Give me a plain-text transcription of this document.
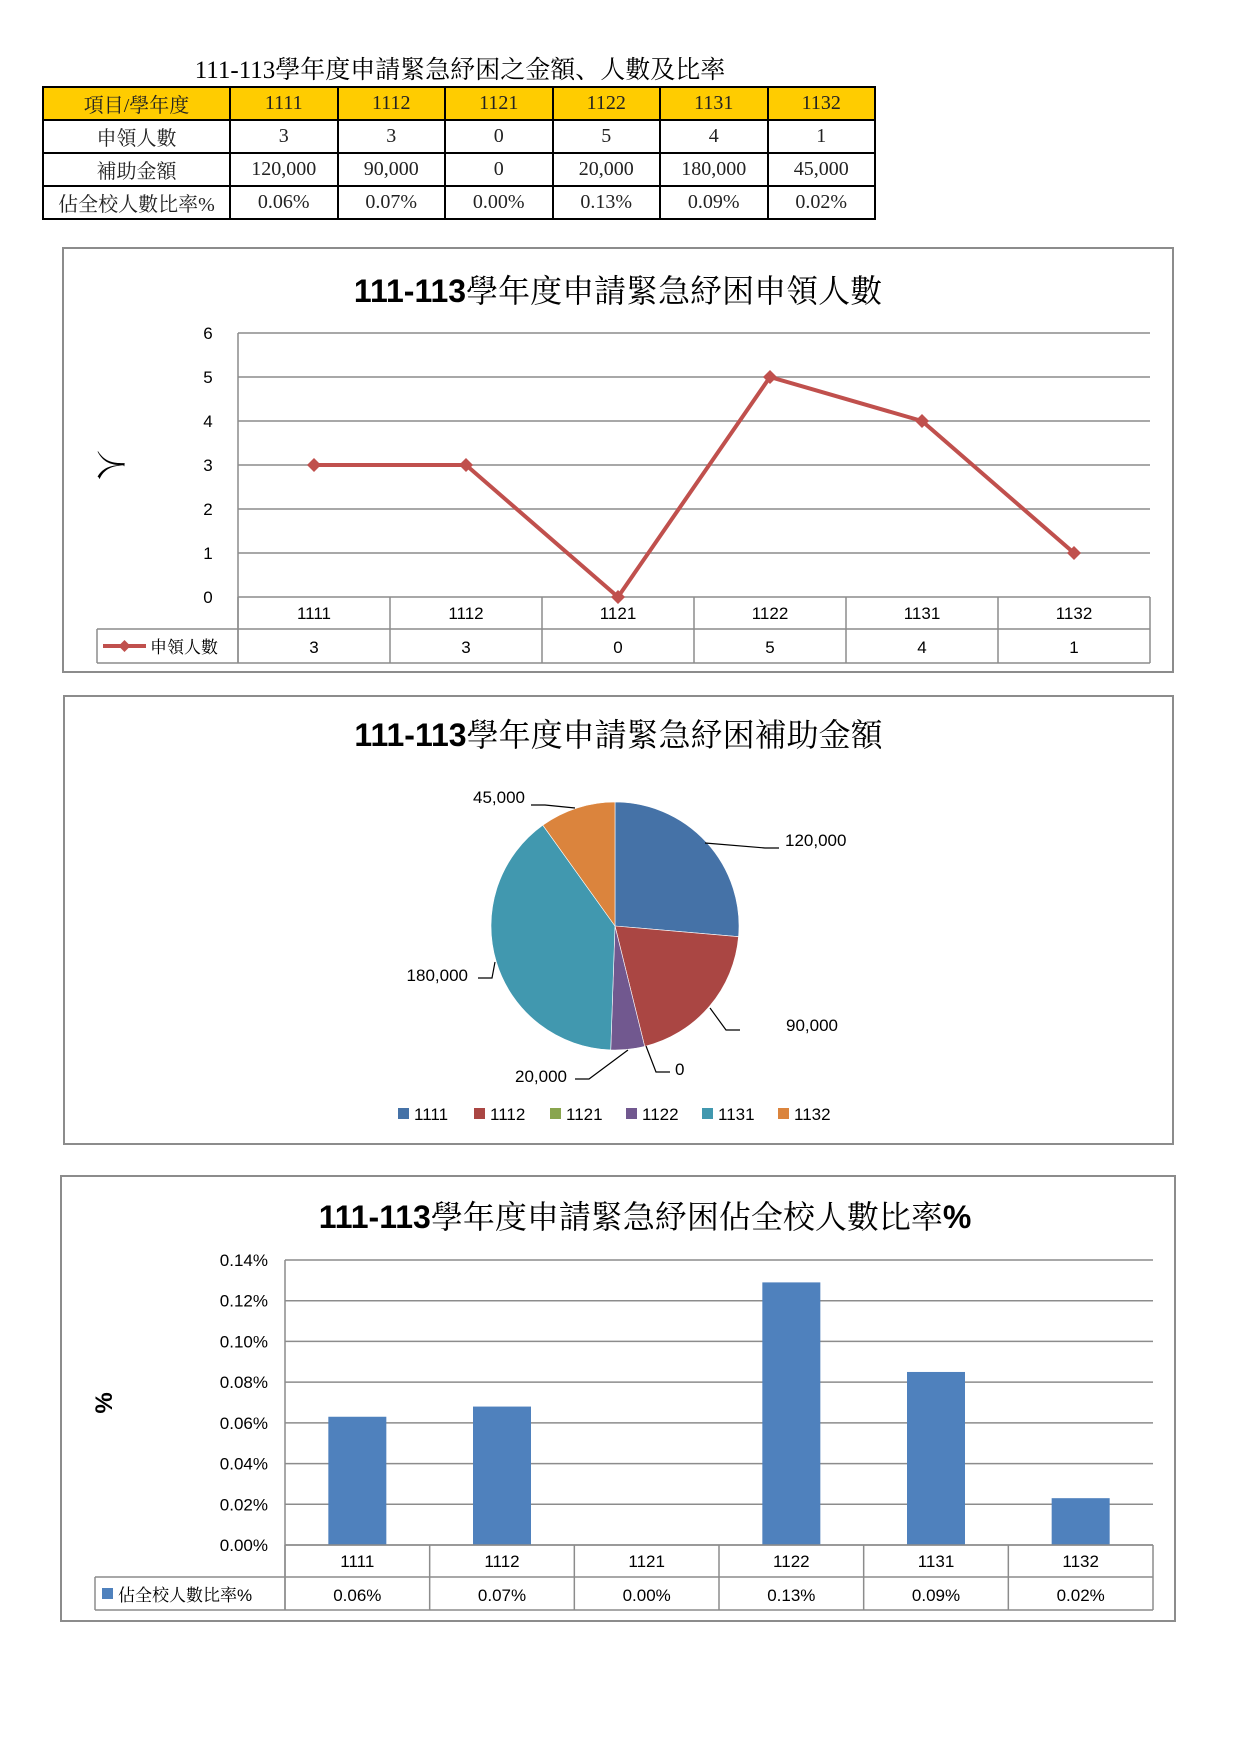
111-113學年度申請緊急紓困之金額、人數及比率
項目/學年度	1111	1112	1121	1122	1131	1132
申領人數	3	3	0	5	4	1
補助金額	120,000	90,000	0	20,000	180,000	45,000
佔全校人數比率%	0.06%	0.07%	0.00%	0.13%	0.09%	0.02%
111-113學年度申請緊急紓困申領人數
0
1
2
3
4
5
6
人
1111
3
1112
3
1121
0
1122
5
1131
4
1132
1
申領人數
111-113學年度申請緊急紓困補助金額
120,000
90,000
0
20,000
180,000
45,000
1111 1112 1121 1122 1131 1132
111-113學年度申請緊急紓困佔全校人數比率%
0.00%
0.02%
0.04%
0.06%
0.08%
0.10%
0.12%
0.14%
%
1111
0.06%
1112
0.07%
1121
0.00%
1122
0.13%
1131
0.09%
1132
0.02%
佔全校人數比率%
